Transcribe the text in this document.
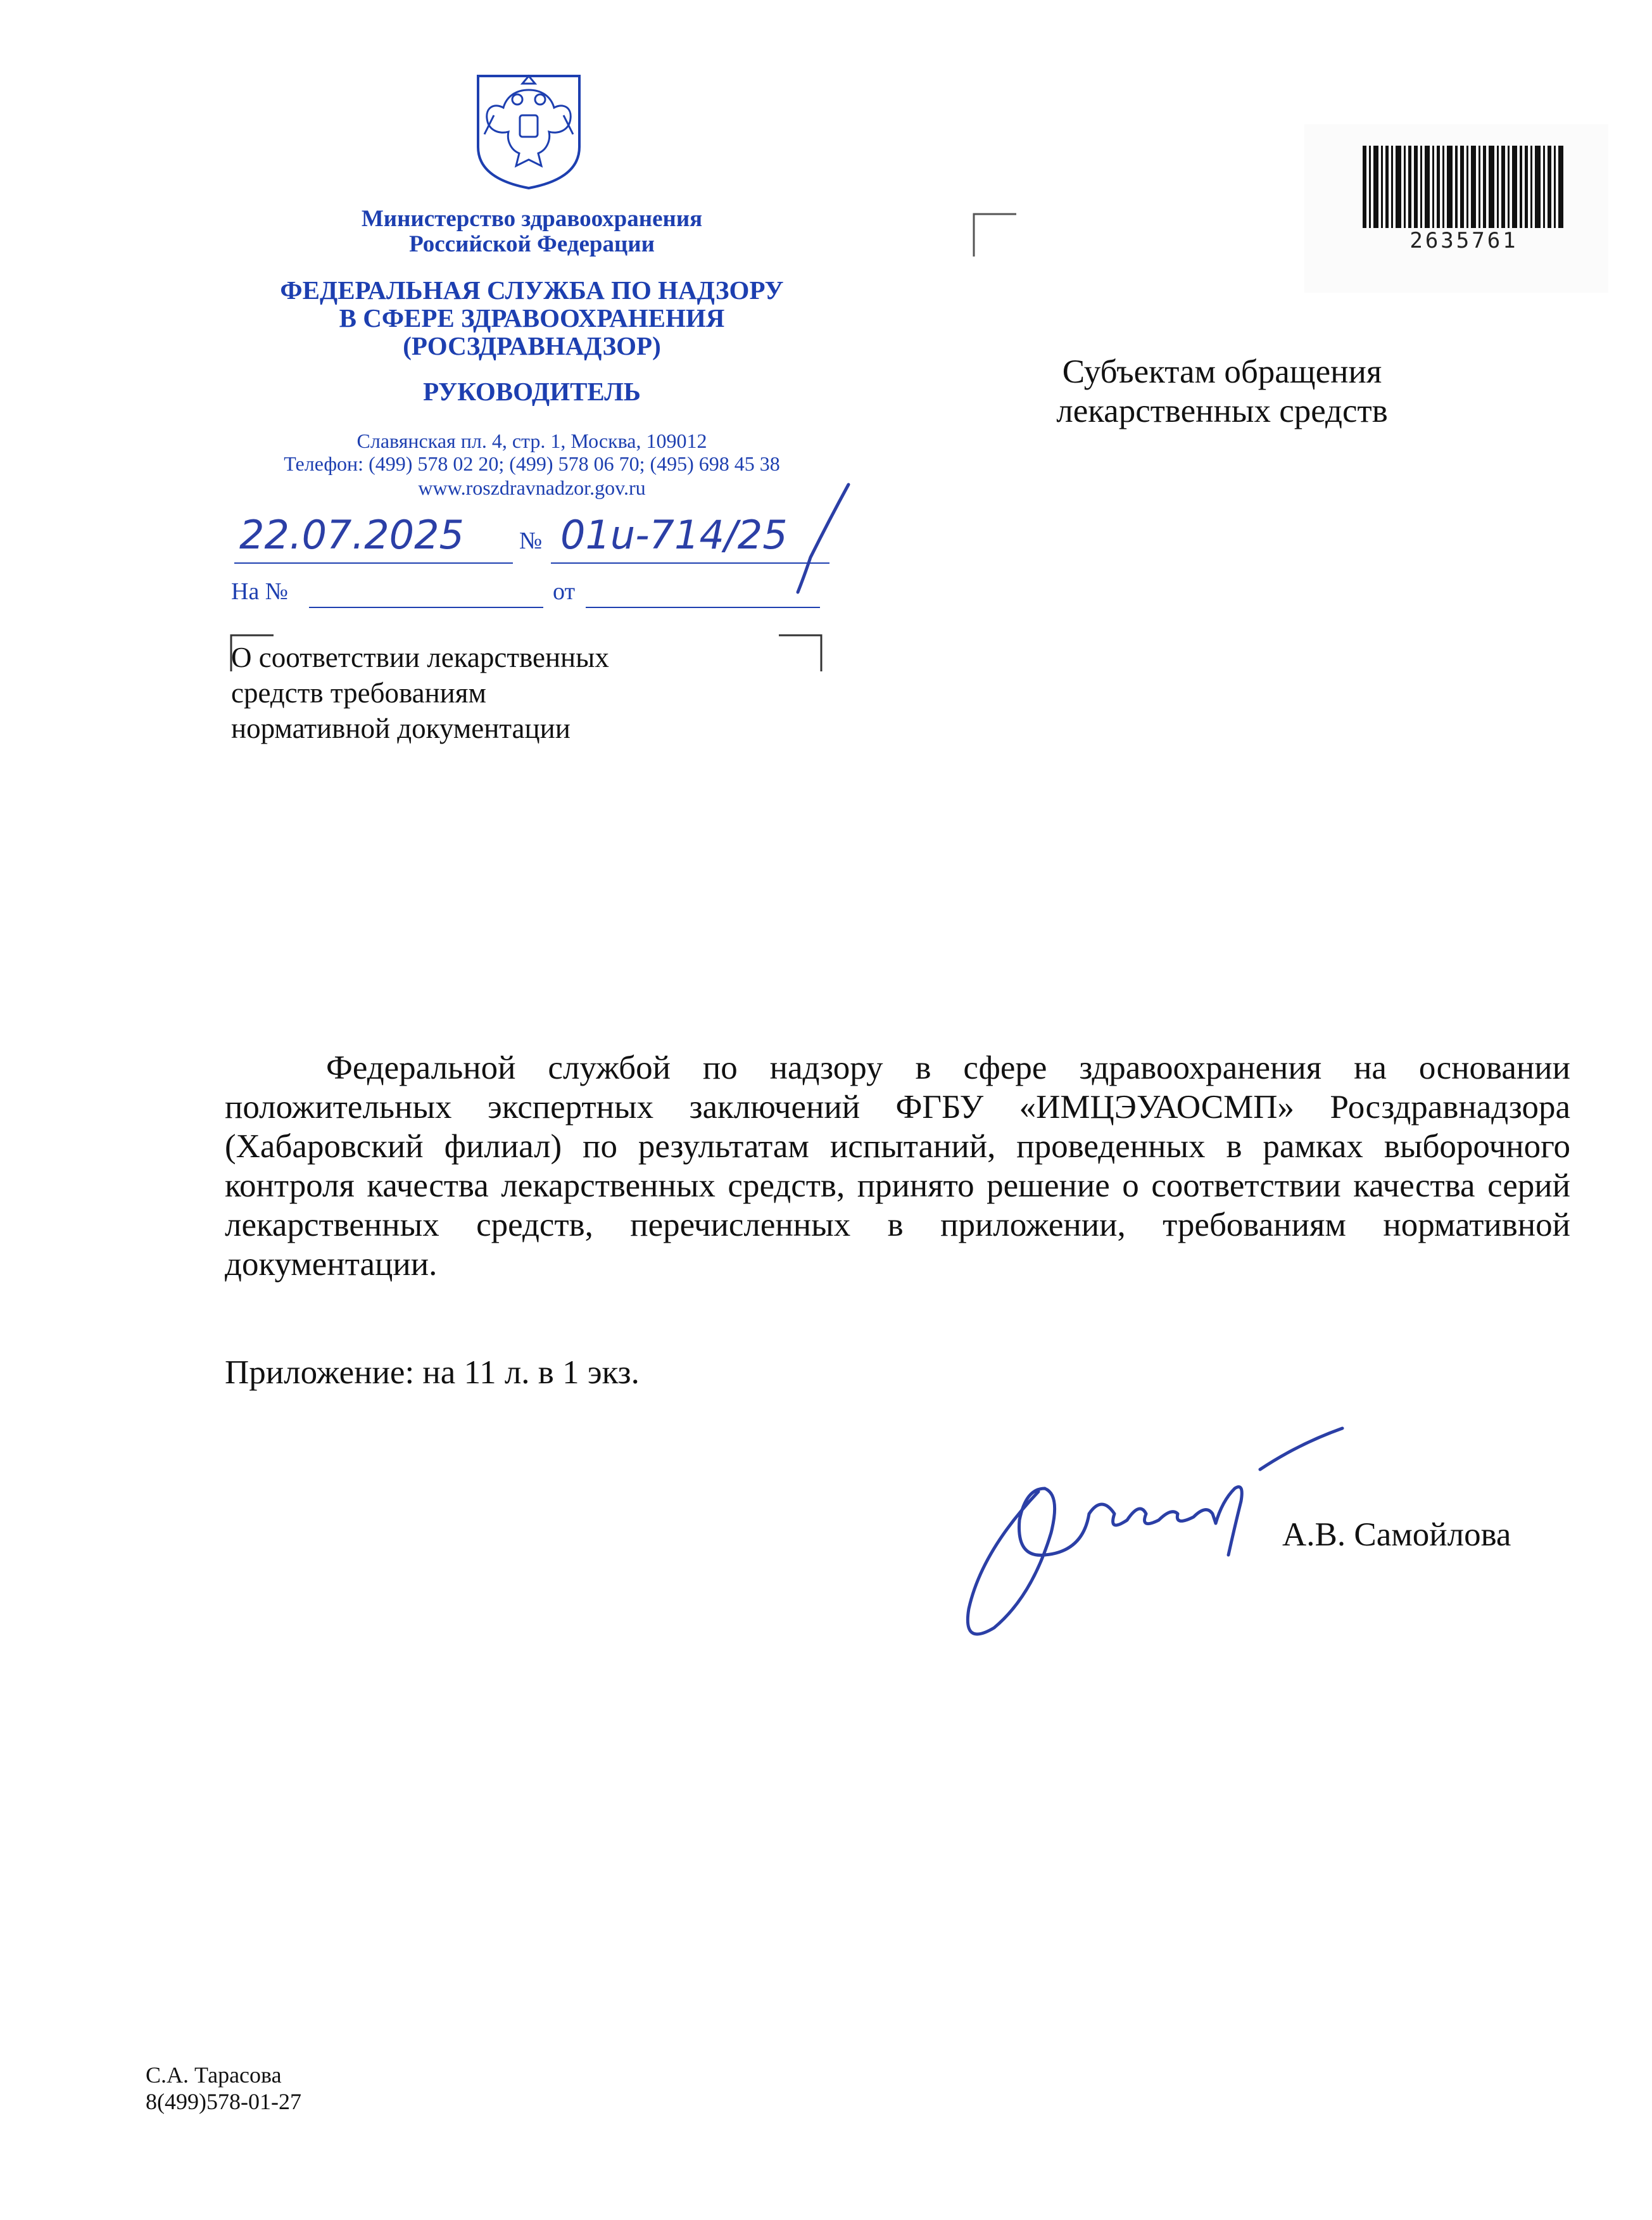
Министерство здравоохранения
Российской Федерации
ФЕДЕРАЛЬНАЯ СЛУЖБА ПО НАДЗОРУ
В СФЕРЕ ЗДРАВООХРАНЕНИЯ
(РОСЗДРАВНАДЗОР)
РУКОВОДИТЕЛЬ
Славянская пл. 4, стр. 1, Москва, 109012
Телефон: (499) 578 02 20; (499) 578 06 70; (495) 698 45 38
www.roszdravnadzor.gov.ru
22.07.2025 № 01u-714/25
На №	от
2635761
Субъектам обращения
лекарственных средств
О соответствии лекарственных
средств требованиям
нормативной документации
Федеральной службой по надзору в сфере здравоохранения на основании положительных экспертных заключений ФГБУ «ИМЦЭУАОСМП» Росздравнадзора (Хабаровский филиал) по результатам испытаний, проведенных в рамках выборочного контроля качества лекарственных средств, принято решение о соответствии качества серий лекарственных средств, перечисленных в приложении, требованиям нормативной документации.
Приложение: на 11 л. в 1 экз.
А.В. Самойлова
С.А. Тарасова
8(499)578-01-27
